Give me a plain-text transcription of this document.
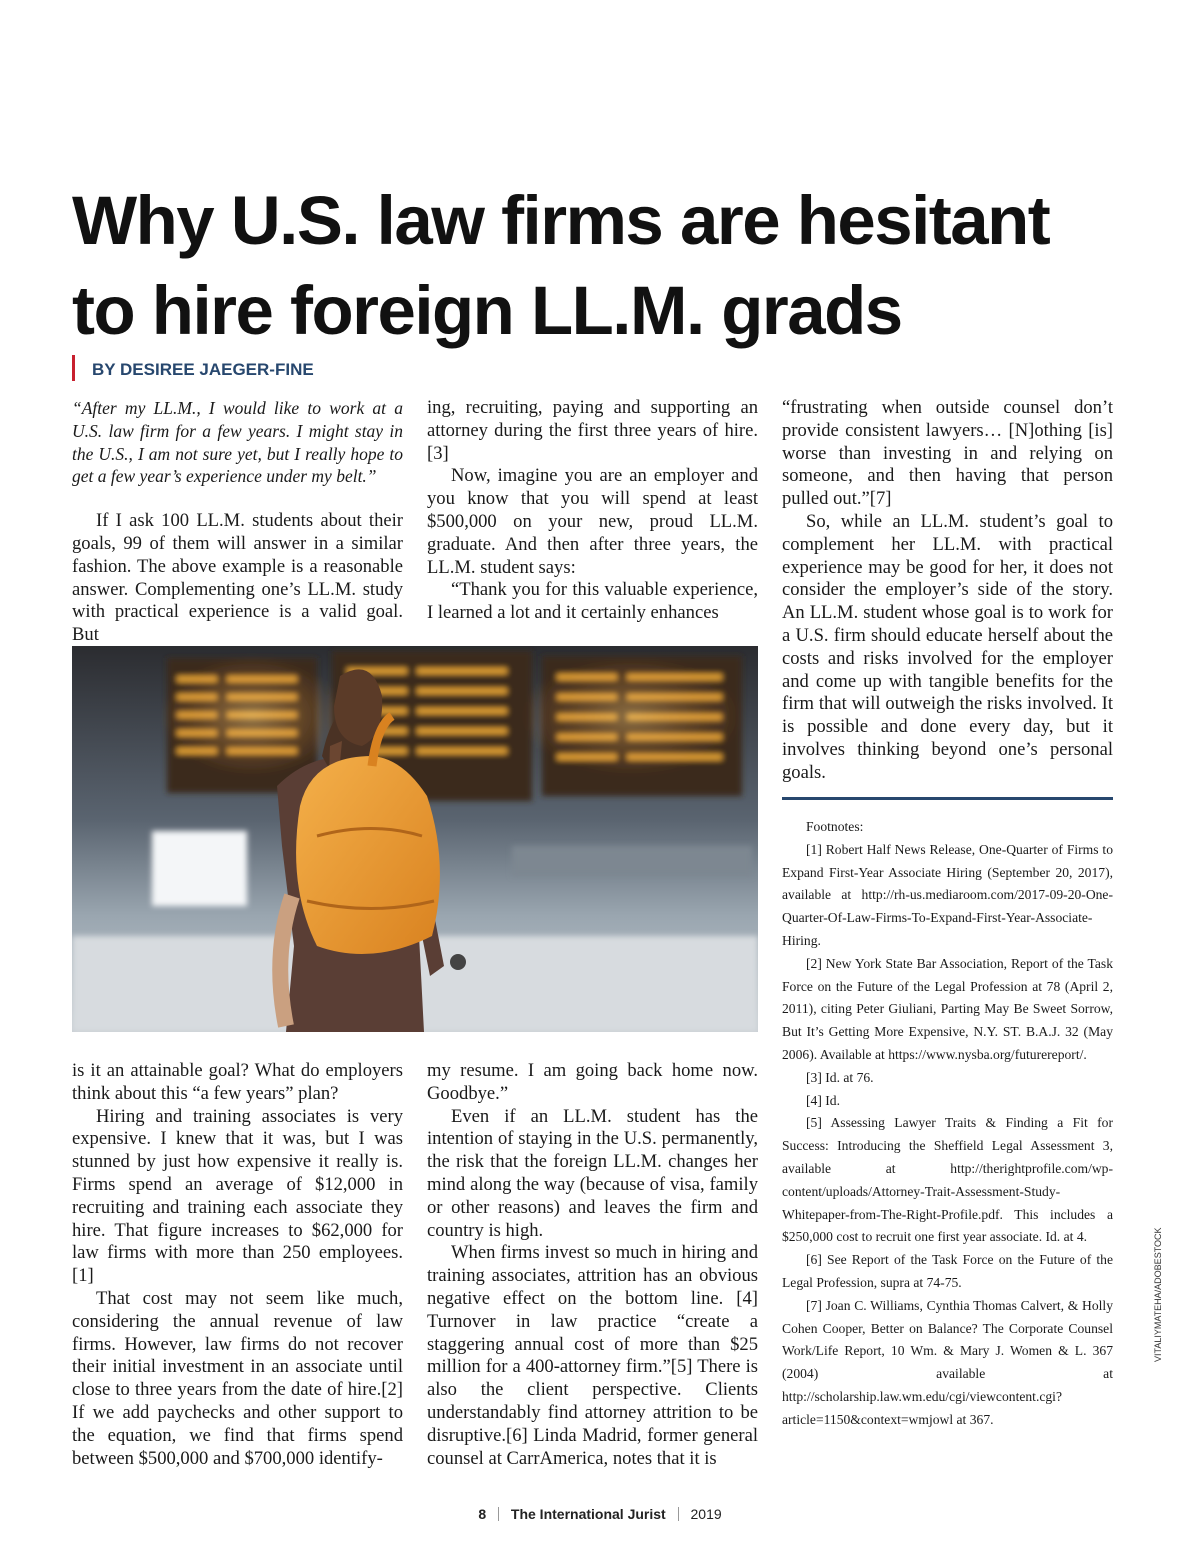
Why U.S. law firms are hesitant
to hire foreign LL.M. grads
BY DESIREE JAEGER-FINE

“After my LL.M., I would like to work at a U.S. law firm for a few years. I might stay in the U.S., I am not sure yet, but I really hope to get a few year’s experience under my belt.”

If I ask 100 LL.M. students about their goals, 99 of them will answer in a similar fashion. The above example is a reasonable answer. Complementing one’s LL.M. study with practical experience is a valid goal. But

ing, recruiting, paying and supporting an attorney during the first three years of hire. [3]

Now, imagine you are an employer and you know that you will spend at least $500,000 on your new, proud LL.M. graduate. And then after three years, the LL.M. student says:

“Thank you for this valuable experience, I learned a lot and it certainly enhances

is it an attainable goal? What do employers think about this “a few years” plan?

Hiring and training associates is very expensive. I knew that it was, but I was stunned by just how expensive it really is. Firms spend an average of $12,000 in recruiting and training each associate they hire. That figure increases to $62,000 for law firms with more than 250 employees. [1]

That cost may not seem like much, considering the annual revenue of law firms. However, law firms do not recover their initial investment in an associate until close to three years from the date of hire.[2] If we add paychecks and other support to the equation, we find that firms spend between $500,000 and $700,000 identify-

my resume. I am going back home now. Goodbye.”

Even if an LL.M. student has the intention of staying in the U.S. permanently, the risk that the foreign LL.M. changes her mind along the way (because of visa, family or other reasons) and leaves the firm and country is high.

When firms invest so much in hiring and training associates, attrition has an obvious negative effect on the bottom line. [4] Turnover in law practice “create a staggering annual cost of more than $25 million for a 400-attorney firm.”[5] There is also the client perspective. Clients understandably find attorney attrition to be disruptive.[6] Linda Madrid, former general counsel at CarrAmerica, notes that it is

“frustrating when outside counsel don’t provide consistent lawyers… [N]othing [is] worse than investing in and relying on someone, and then having that person pulled out.”[7]

So, while an LL.M. student’s goal to complement her LL.M. with practical experience may be good for her, it does not consider the employer’s side of the story. An LL.M. student whose goal is to work for a U.S. firm should educate herself about the costs and risks involved for the employer and come up with tangible benefits for the firm that will outweigh the risks involved. It is possible and done every day, but it involves thinking beyond one’s personal goals.

Footnotes:

[1] Robert Half News Release, One-Quarter of Firms to Expand First-Year Associate Hiring (September 20, 2017), available at http://rh-us.mediaroom.com/2017-09-20-One-Quarter-Of-Law-Firms-To-Expand-First-Year-Associate-Hiring.

[2] New York State Bar Association, Report of the Task Force on the Future of the Legal Profession at 78 (April 2, 2011), citing Peter Giuliani, Parting May Be Sweet Sorrow, But It’s Getting More Expensive, N.Y. ST. B.A.J. 32 (May 2006). Available at https://www.nysba.org/futurereport/.

[3] Id. at 76.

[4] Id.

[5] Assessing Lawyer Traits & Finding a Fit for Success: Introducing the Sheffield Legal Assessment 3, available at http://therightprofile.com/wp-content/uploads/Attorney-Trait-Assessment-Study-Whitepaper-from-The-Right-Profile.pdf. This includes a $250,000 cost to recruit one first year associate. Id. at 4.

[6] See Report of the Task Force on the Future of the Legal Profession, supra at 74-75.

[7] Joan C. Williams, Cynthia Thomas Calvert, & Holly Cohen Cooper, Better on Balance? The Corporate Counsel Work/Life Report, 10 Wm. & Mary J. Women & L. 367 (2004) available at http://scholarship.law.wm.edu/cgi/viewcontent.cgi?article=1150&context=wmjowl at 367.

VITALIYMATEHA/ADOBESTOCK
8 The International Jurist 2019
